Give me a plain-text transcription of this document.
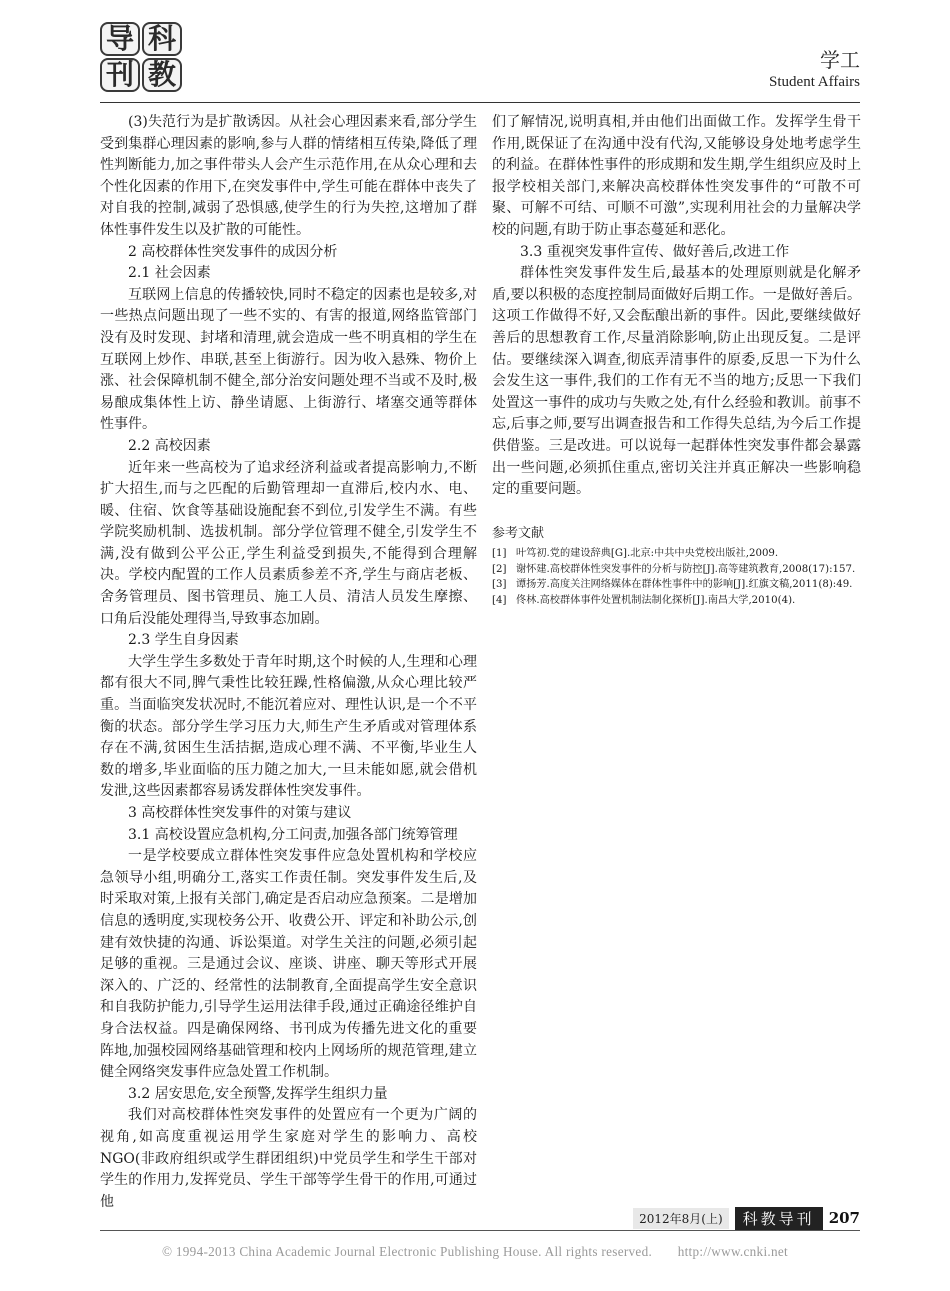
导 科
刊 教	学工
Student Affairs

(3)失范行为是扩散诱因。从社会心理因素来看,部分学生受到集群心理因素的影响,参与人群的情绪相互传染,降低了理性判断能力,加之事件带头人会产生示范作用,在从众心理和去个性化因素的作用下,在突发事件中,学生可能在群体中丧失了对自我的控制,减弱了恐惧感,使学生的行为失控,这增加了群体性事件发生以及扩散的可能性。

2 高校群体性突发事件的成因分析

2.1 社会因素

互联网上信息的传播较快,同时不稳定的因素也是较多,对一些热点问题出现了一些不实的、有害的报道,网络监管部门没有及时发现、封堵和清理,就会造成一些不明真相的学生在互联网上炒作、串联,甚至上街游行。因为收入悬殊、物价上涨、社会保障机制不健全,部分治安问题处理不当或不及时,极易酿成集体性上访、静坐请愿、上街游行、堵塞交通等群体性事件。

2.2 高校因素

近年来一些高校为了追求经济利益或者提高影响力,不断扩大招生,而与之匹配的后勤管理却一直滞后,校内水、电、暖、住宿、饮食等基础设施配套不到位,引发学生不满。有些学院奖励机制、选拔机制。部分学位管理不健全,引发学生不满,没有做到公平公正,学生利益受到损失,不能得到合理解决。学校内配置的工作人员素质参差不齐,学生与商店老板、舍务管理员、图书管理员、施工人员、清洁人员发生摩擦、口角后没能处理得当,导致事态加剧。

2.3 学生自身因素

大学生学生多数处于青年时期,这个时候的人,生理和心理都有很大不同,脾气秉性比较狂躁,性格偏激,从众心理比较严重。当面临突发状况时,不能沉着应对、理性认识,是一个不平衡的状态。部分学生学习压力大,师生产生矛盾或对管理体系存在不满,贫困生生活拮据,造成心理不满、不平衡,毕业生人数的增多,毕业面临的压力随之加大,一旦未能如愿,就会借机发泄,这些因素都容易诱发群体性突发事件。

3 高校群体性突发事件的对策与建议

3.1 高校设置应急机构,分工问责,加强各部门统筹管理

一是学校要成立群体性突发事件应急处置机构和学校应急领导小组,明确分工,落实工作责任制。突发事件发生后,及时采取对策,上报有关部门,确定是否启动应急预案。二是增加信息的透明度,实现校务公开、收费公开、评定和补助公示,创建有效快捷的沟通、诉讼渠道。对学生关注的问题,必须引起足够的重视。三是通过会议、座谈、讲座、聊天等形式开展深入的、广泛的、经常性的法制教育,全面提高学生安全意识和自我防护能力,引导学生运用法律手段,通过正确途径维护自身合法权益。四是确保网络、书刊成为传播先进文化的重要阵地,加强校园网络基础管理和校内上网场所的规范管理,建立健全网络突发事件应急处置工作机制。

3.2 居安思危,安全预警,发挥学生组织力量

我们对高校群体性突发事件的处置应有一个更为广阔的视角,如高度重视运用学生家庭对学生的影响力、高校NGO(非政府组织或学生群团组织)中党员学生和学生干部对学生的作用力,发挥党员、学生干部等学生骨干的作用,可通过他

们了解情况,说明真相,并由他们出面做工作。发挥学生骨干作用,既保证了在沟通中没有代沟,又能够设身处地考虑学生的利益。在群体性事件的形成期和发生期,学生组织应及时上报学校相关部门,来解决高校群体性突发事件的“可散不可聚、可解不可结、可顺不可激”,实现利用社会的力量解决学校的问题,有助于防止事态蔓延和恶化。

3.3 重视突发事件宣传、做好善后,改进工作

群体性突发事件发生后,最基本的处理原则就是化解矛盾,要以积极的态度控制局面做好后期工作。一是做好善后。这项工作做得不好,又会酝酿出新的事件。因此,要继续做好善后的思想教育工作,尽量消除影响,防止出现反复。二是评估。要继续深入调查,彻底弄清事件的原委,反思一下为什么会发生这一事件,我们的工作有无不当的地方;反思一下我们处置这一事件的成功与失败之处,有什么经验和教训。前事不忘,后事之师,要写出调查报告和工作得失总结,为今后工作提供借鉴。三是改进。可以说每一起群体性突发事件都会暴露出一些问题,必须抓住重点,密切关注并真正解决一些影响稳定的重要问题。

参考文献

[1] 叶笃初.党的建设辞典[G].北京:中共中央党校出版社,2009.
[2] 谢怀建.高校群体性突发事件的分析与防控[J].高等建筑教育,2008(17):157.
[3] 谭扬芳.高度关注网络媒体在群体性事件中的影响[J].红旗文稿,2011(8):49.
[4] 佟林.高校群体事件处置机制法制化探析[J].南昌大学,2010(4).
2012年8月(上)	科教导刊 207
© 1994-2013 China Academic Journal Electronic Publishing House. All rights reserved. http://www.cnki.net
